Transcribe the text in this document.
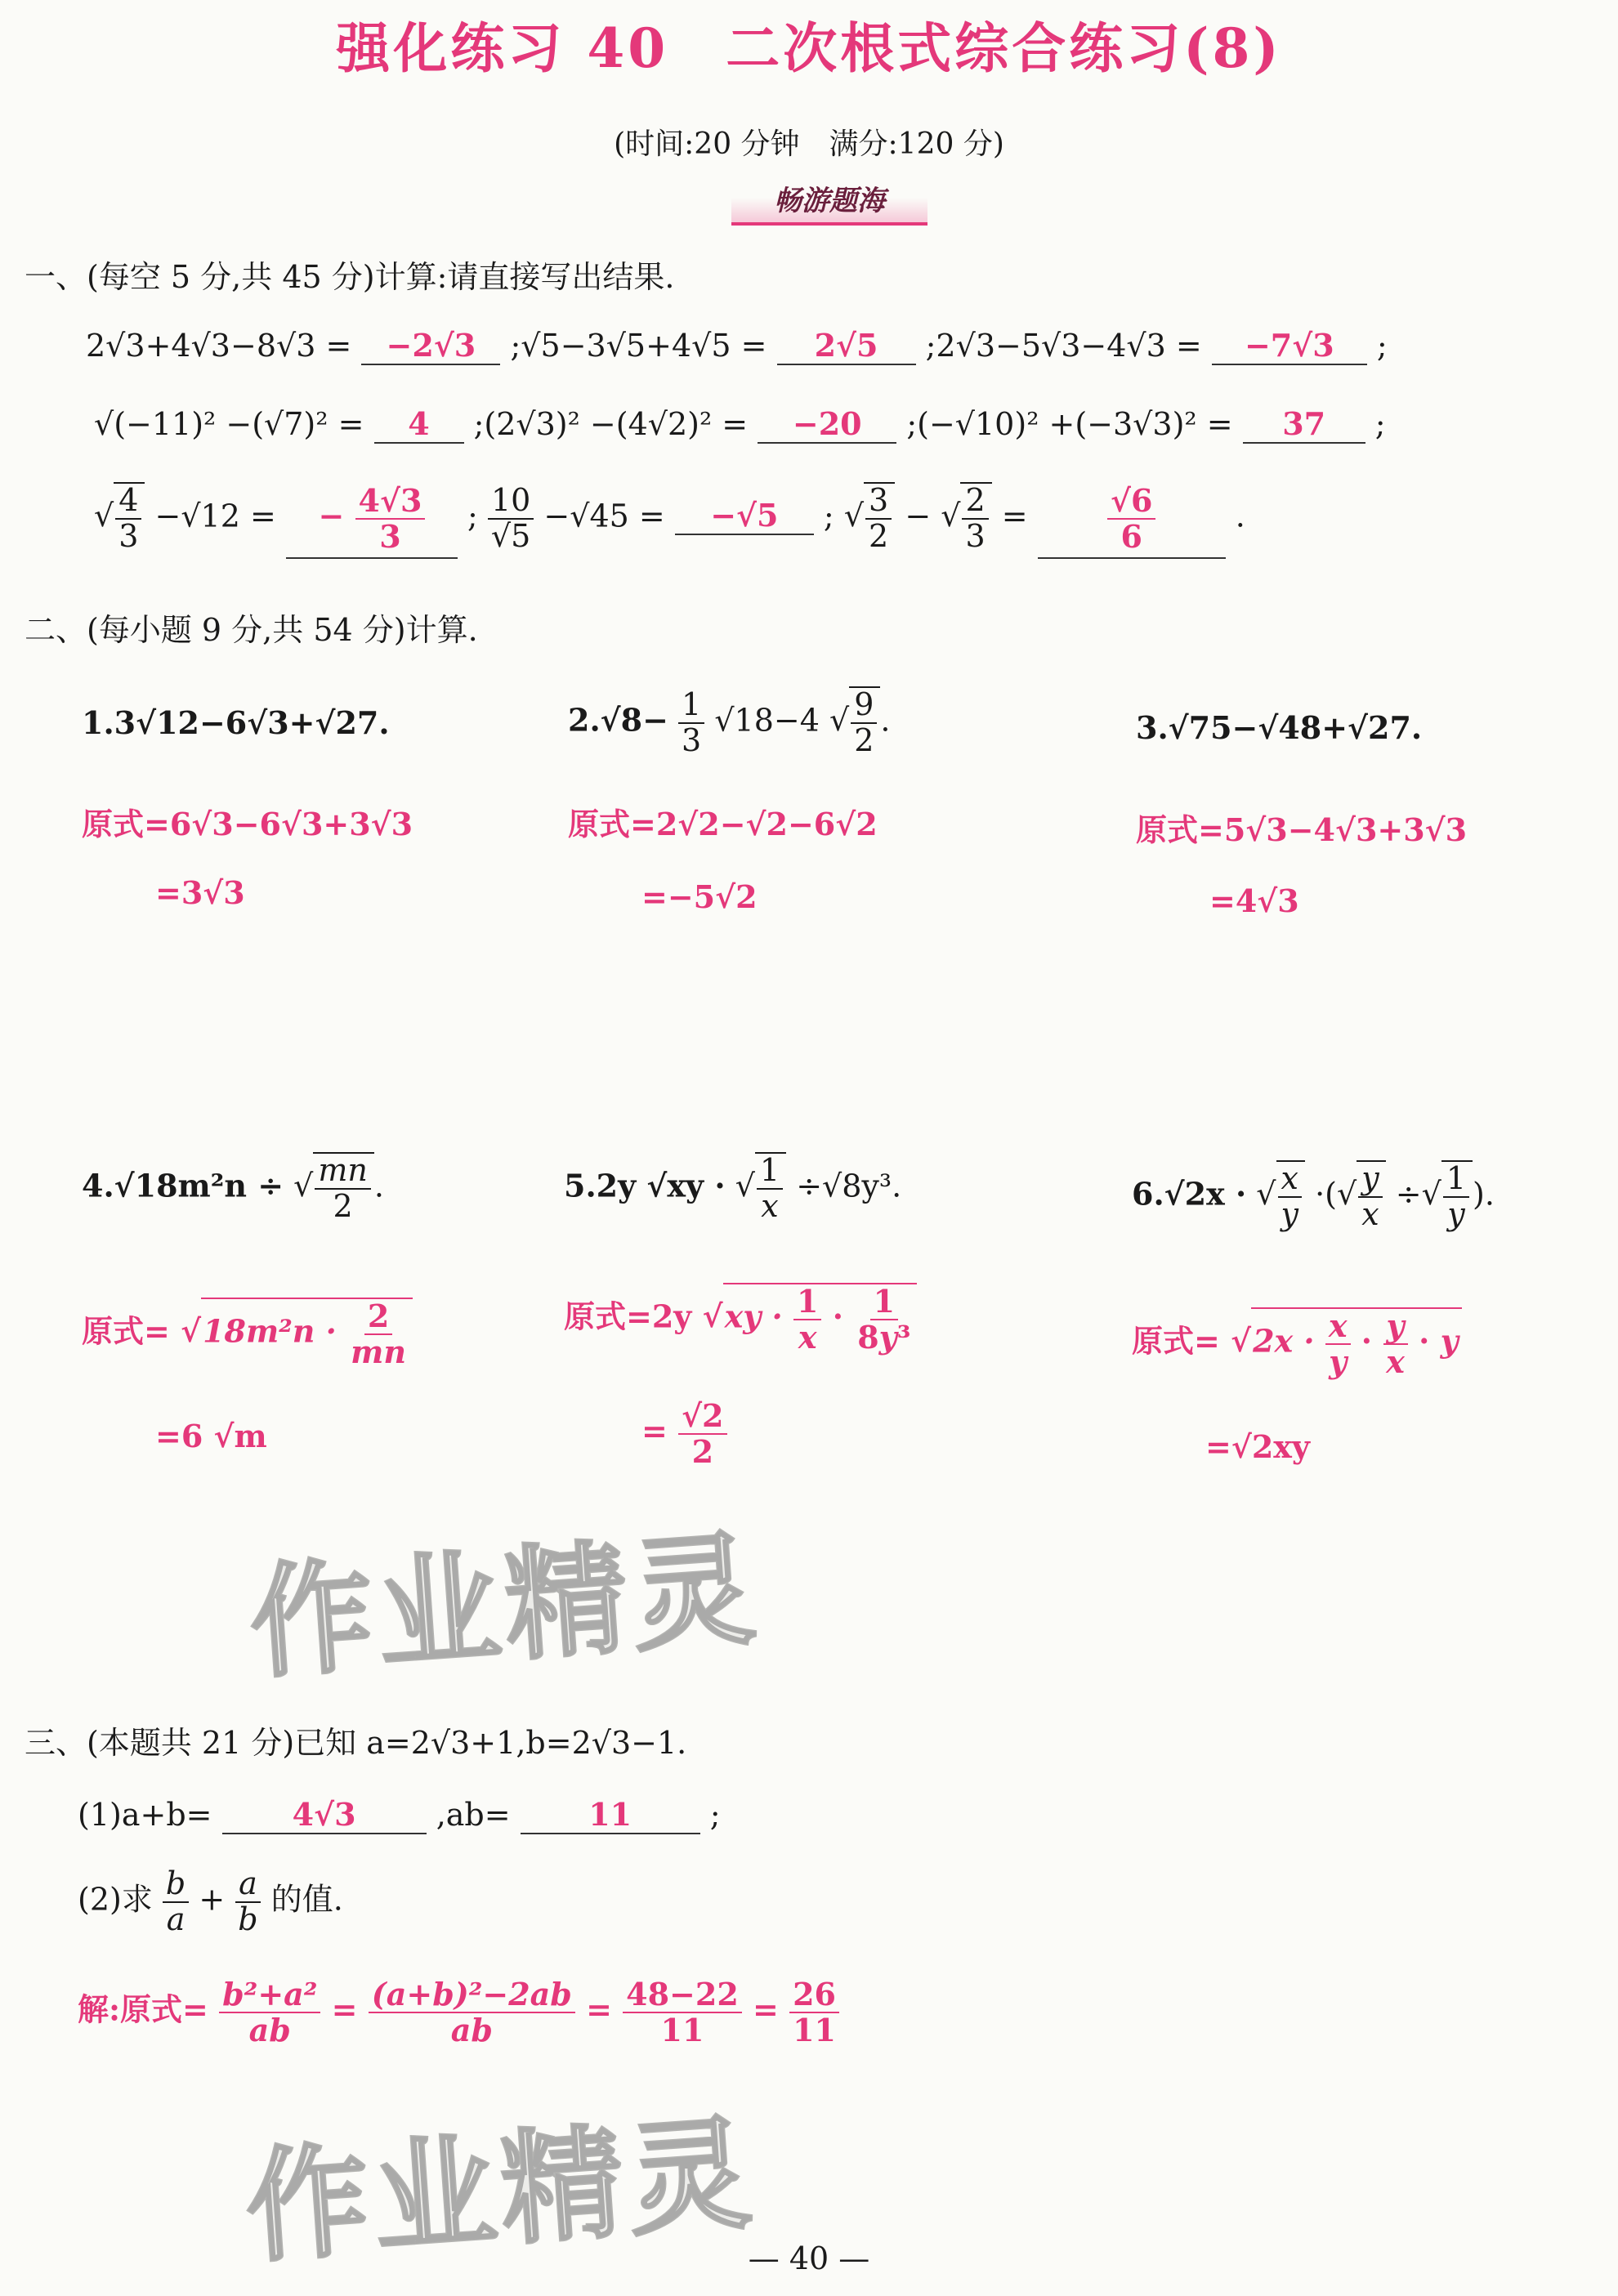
强化练习 40　二次根式综合练习(8)
(时间:20 分钟　满分:120 分)
畅游题海
一、(每空 5 分,共 45 分)计算:请直接写出结果.
2√3+4√3−8√3 = −2√3 ;√5−3√5+4√5 = 2√5 ;2√3−5√3−4√3 = −7√3 ;
√(−11)² −(√7)² = 4 ;(2√3)² −(4√2)² = −20 ;(−√10)² +(−3√3)² = 37 ;
√
$\frac{4}{3} -√12$ = − $\frac{4√3}{3}$ ; $\frac{10}{√5} -√45 = -√5$ ; √ $\frac{3}{2}$ − √ $\frac{2}{3}$ =	$\frac{√6}{6}$	.
二、(每小题 9 分,共 54 分)计算.
1.3√12−6√3+√27.
原式=6√3−6√3+3√3
=3√3
$2.√8- \frac{1}{3} √18-4$ √ $\frac{9}{2}$ .
原式=2√2−√2−6√2
=−5√2
3.√75−√48+√27.
原式=5√3−4√3+3√3
=4√3
4.√18m²n ÷ √ $\frac{mn}{2}$ .
原式= √ $18m^2n \cdot \frac{2}{mn}$
=6 √m
5.2y √xy · √ $\frac{1}{x} \div√8y^3$.
原式=2y √ xy · $\frac{1}{x} \cdot \frac{1}{\text{8y³}}$
= $\frac{√2}{2}$
6.√2x · √ $\frac{x}{y}$ ·( √ $\frac{y}{x}$ ÷ √ $\frac{1}{y}$ ).
原式= √ $2x \cdot \frac{x}{y} \cdot \frac{y}{x} \cdot y$
=√2xy
作业精灵
三、(本题共 21 分)已知 a=2√3+1,b=2√3−1.
(1)a+b=	4√3	,ab=	11	;
(2)求 $\frac{b}{a} + \frac{a}{b}$ 的值.
解:原式= $\frac{\text{b²+a²}}{ab} = \frac{\text{(a+b)²−2ab}}{ab} = \frac{48-22}{11} = \frac{26}{11}$
作业精灵
— 40 —
